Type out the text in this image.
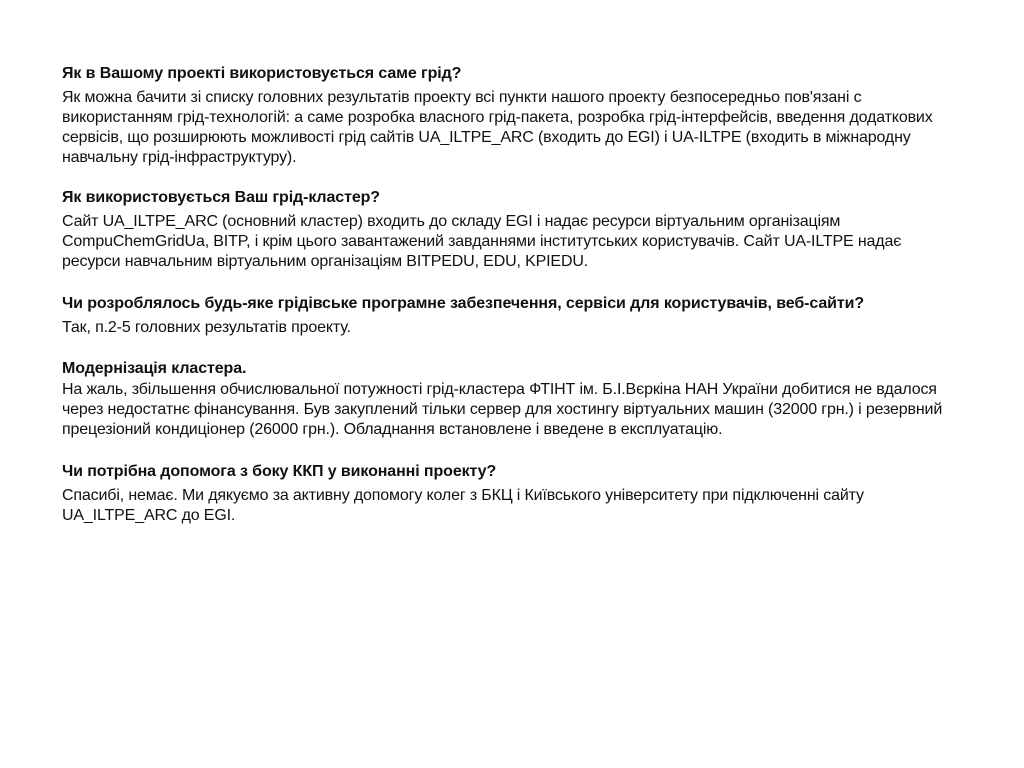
Як в Вашому проекті використовується саме грід?

Як можна бачити зі списку головних результатів проекту всі пункти нашого проекту безпосередньо пов'язані с використанням грід-технологій: а саме розробка власного грід-пакета, розробка грід-інтерфейсів, введення додаткових сервісів, що розширюють можливості грід сайтів UA_ILTPE_ARC (входить до EGI) і UA-ILTPE (входить в міжнародну навчальну грід-інфраструктуру).

Як використовується Ваш грід-кластер?

Сайт UA_ILTPE_ARC (основний кластер) входить до складу EGI і надає ресурси віртуальним організаціям CompuChemGridUa, BITP, і крім цього завантажений завданнями інститутських користувачів. Сайт UA-ILTPE надає ресурси навчальним віртуальним організаціям BITPEDU, EDU, KPIEDU.

Чи розроблялось будь-яке грідівське програмне забезпечення, сервіси для користувачів, веб-сайти?

Так, п.2-5 головних результатів проекту.

Модернізація кластера.

На жаль, збільшення обчислювальної потужності грід-кластера ФТІНТ ім. Б.І.Вєркіна НАН України добитися не вдалося через недостатнє фінансування. Був закуплений тільки сервер для хостингу віртуальних машин (32000 грн.) і резервний прецезіоний кондиціонер (26000 грн.). Обладнання встановлене і введене в експлуатацію.

Чи потрібна допомога з боку ККП у виконанні проекту?

Спасибі, немає. Ми дякуємо за активну допомогу колег з БКЦ і Київського університету при підключенні сайту UA_ILTPE_ARC до EGI.
